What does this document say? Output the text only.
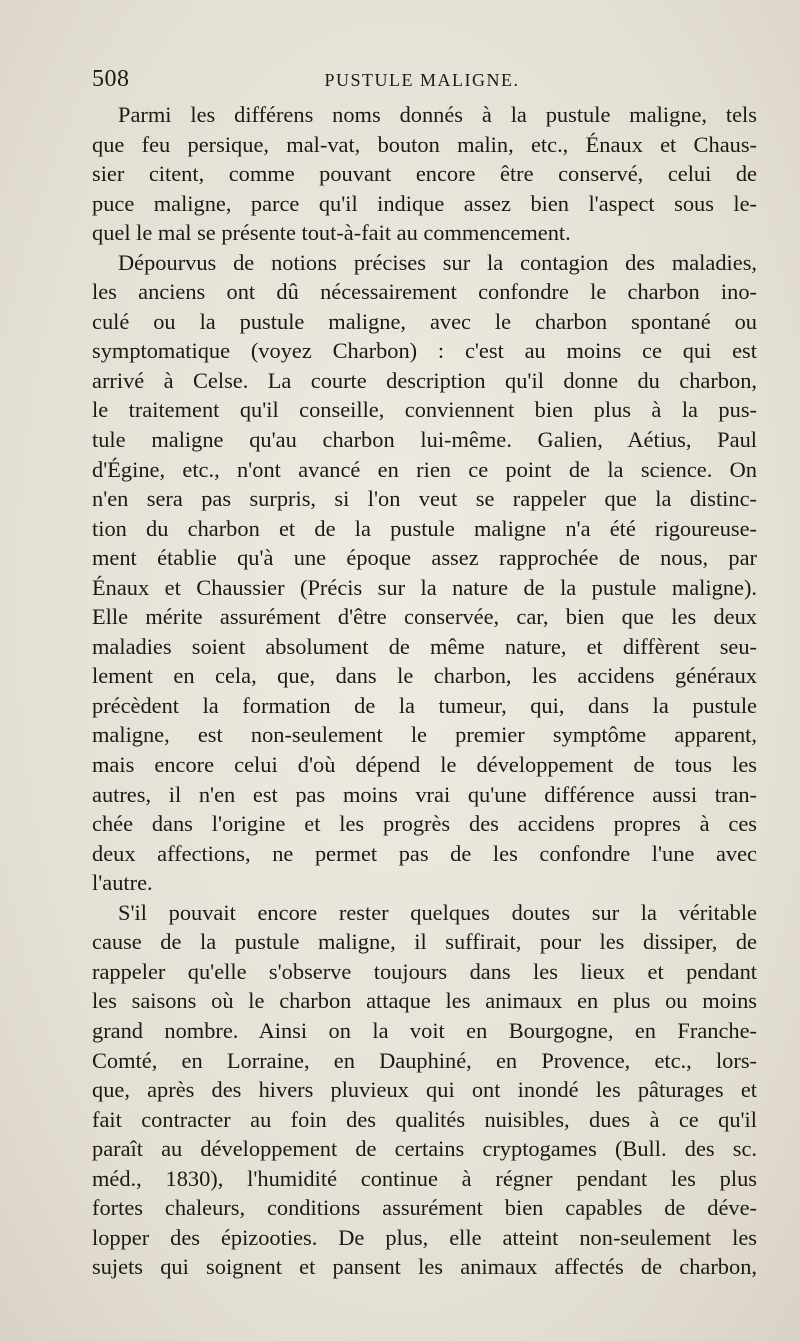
508	PUSTULE MALIGNE.
Parmi les différens noms donnés à la pustule maligne, tels
que feu persique, mal-vat, bouton malin, etc., Énaux et Chaus-
sier citent, comme pouvant encore être conservé, celui de
puce maligne, parce qu'il indique assez bien l'aspect sous le-
quel le mal se présente tout-à-fait au commencement.
Dépourvus de notions précises sur la contagion des maladies,
les anciens ont dû nécessairement confondre le charbon ino-
culé ou la pustule maligne, avec le charbon spontané ou
symptomatique (voyez Charbon) : c'est au moins ce qui est
arrivé à Celse. La courte description qu'il donne du charbon,
le traitement qu'il conseille, conviennent bien plus à la pus-
tule maligne qu'au charbon lui-même. Galien, Aétius, Paul
d'Égine, etc., n'ont avancé en rien ce point de la science. On
n'en sera pas surpris, si l'on veut se rappeler que la distinc-
tion du charbon et de la pustule maligne n'a été rigoureuse-
ment établie qu'à une époque assez rapprochée de nous, par
Énaux et Chaussier (Précis sur la nature de la pustule maligne).
Elle mérite assurément d'être conservée, car, bien que les deux
maladies soient absolument de même nature, et diffèrent seu-
lement en cela, que, dans le charbon, les accidens généraux
précèdent la formation de la tumeur, qui, dans la pustule
maligne, est non-seulement le premier symptôme apparent,
mais encore celui d'où dépend le développement de tous les
autres, il n'en est pas moins vrai qu'une différence aussi tran-
chée dans l'origine et les progrès des accidens propres à ces
deux affections, ne permet pas de les confondre l'une avec
l'autre.
S'il pouvait encore rester quelques doutes sur la véritable
cause de la pustule maligne, il suffirait, pour les dissiper, de
rappeler qu'elle s'observe toujours dans les lieux et pendant
les saisons où le charbon attaque les animaux en plus ou moins
grand nombre. Ainsi on la voit en Bourgogne, en Franche-
Comté, en Lorraine, en Dauphiné, en Provence, etc., lors-
que, après des hivers pluvieux qui ont inondé les pâturages et
fait contracter au foin des qualités nuisibles, dues à ce qu'il
paraît au développement de certains cryptogames (Bull. des sc.
méd., 1830), l'humidité continue à régner pendant les plus
fortes chaleurs, conditions assurément bien capables de déve-
lopper des épizooties. De plus, elle atteint non-seulement les
sujets qui soignent et pansent les animaux affectés de charbon,
